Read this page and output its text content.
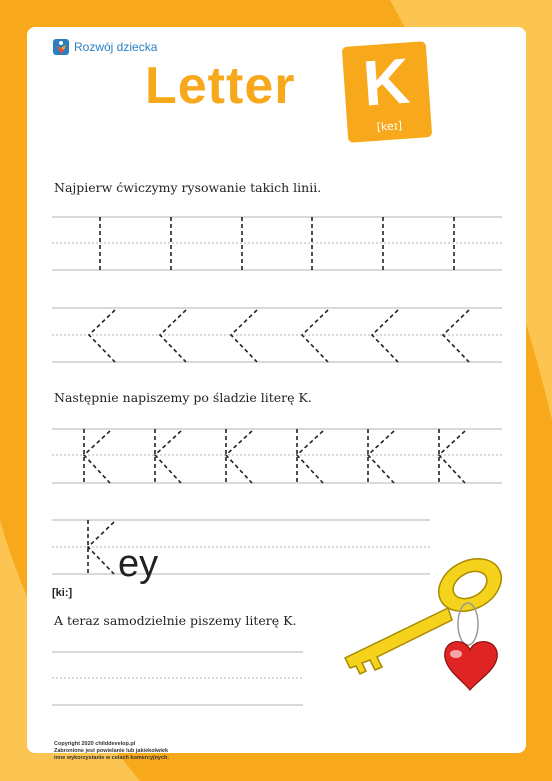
Rozwój dziecka
Letter K
[keɪ]
Najpierw ćwiczymy rysowanie takich linii.
Następnie napiszemy po śladzie literę K.
A teraz samodzielnie piszemy literę K.
[ki:]
ey
Copyright 2020 childdevelop.pl
Zabronione jest powielanie lub jakiekolwiek
inne wykorzystanie w celach komercyjnych.
